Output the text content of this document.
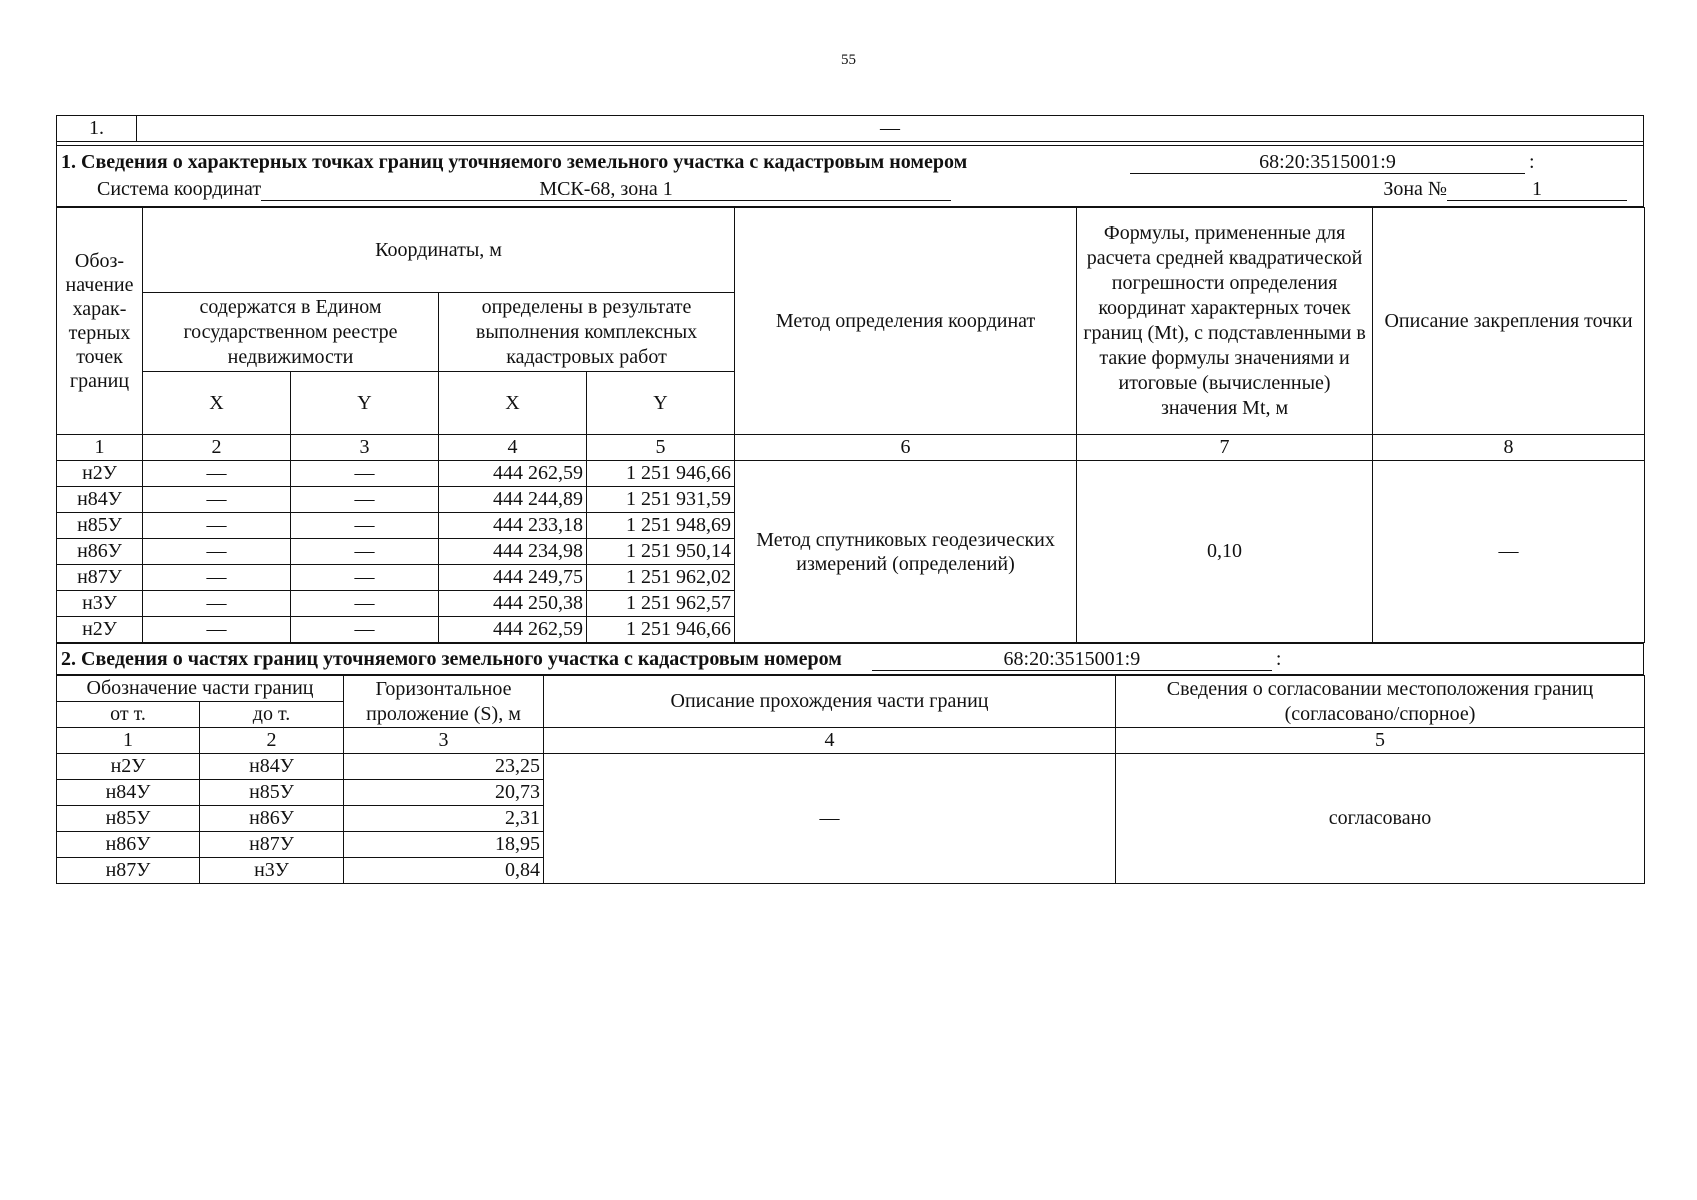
55
1.	—
1. Сведения о характерных точках границ уточняемого земельного участка с кадастровым номером	68:20:3515001:9	:
Система координат	МСК-68, зона 1	Зона №	1
Обоз-начение харак-терных точек границ	Координаты, м				Метод определения координат	Формулы, примененные для расчета средней квадратической погрешности определения координат характерных точек границ (Mt), с подставленными в такие формулы значениями и итоговые (вычисленные) значения Mt, м	Описание закрепления точки
	содержатся в Едином государственном реестре недвижимости		определены в результате выполнения комплексных кадастровых работ				
	X	Y	X	Y			
1	2	3	4	5	6	7	8
н2У	—	—	444 262,59	1 251 946,66	Метод спутниковых геодезических измерений (определений)	0,10	—
н84У	—	—	444 244,89	1 251 931,59			
н85У	—	—	444 233,18	1 251 948,69			
н86У	—	—	444 234,98	1 251 950,14			
н87У	—	—	444 249,75	1 251 962,02			
н3У	—	—	444 250,38	1 251 962,57			
н2У	—	—	444 262,59	1 251 946,66			
2. Сведения о частях границ уточняемого земельного участка с кадастровым номером	68:20:3515001:9	:
Обозначение части границ		Горизонтальное проложение (S), м	Описание прохождения части границ	Сведения о согласовании местоположения границ (согласовано/спорное)
от т.	до т.			
1	2	3	4	5
н2У	н84У	23,25	—	согласовано
н84У	н85У	20,73		
н85У	н86У	2,31		
н86У	н87У	18,95		
н87У	н3У	0,84		
